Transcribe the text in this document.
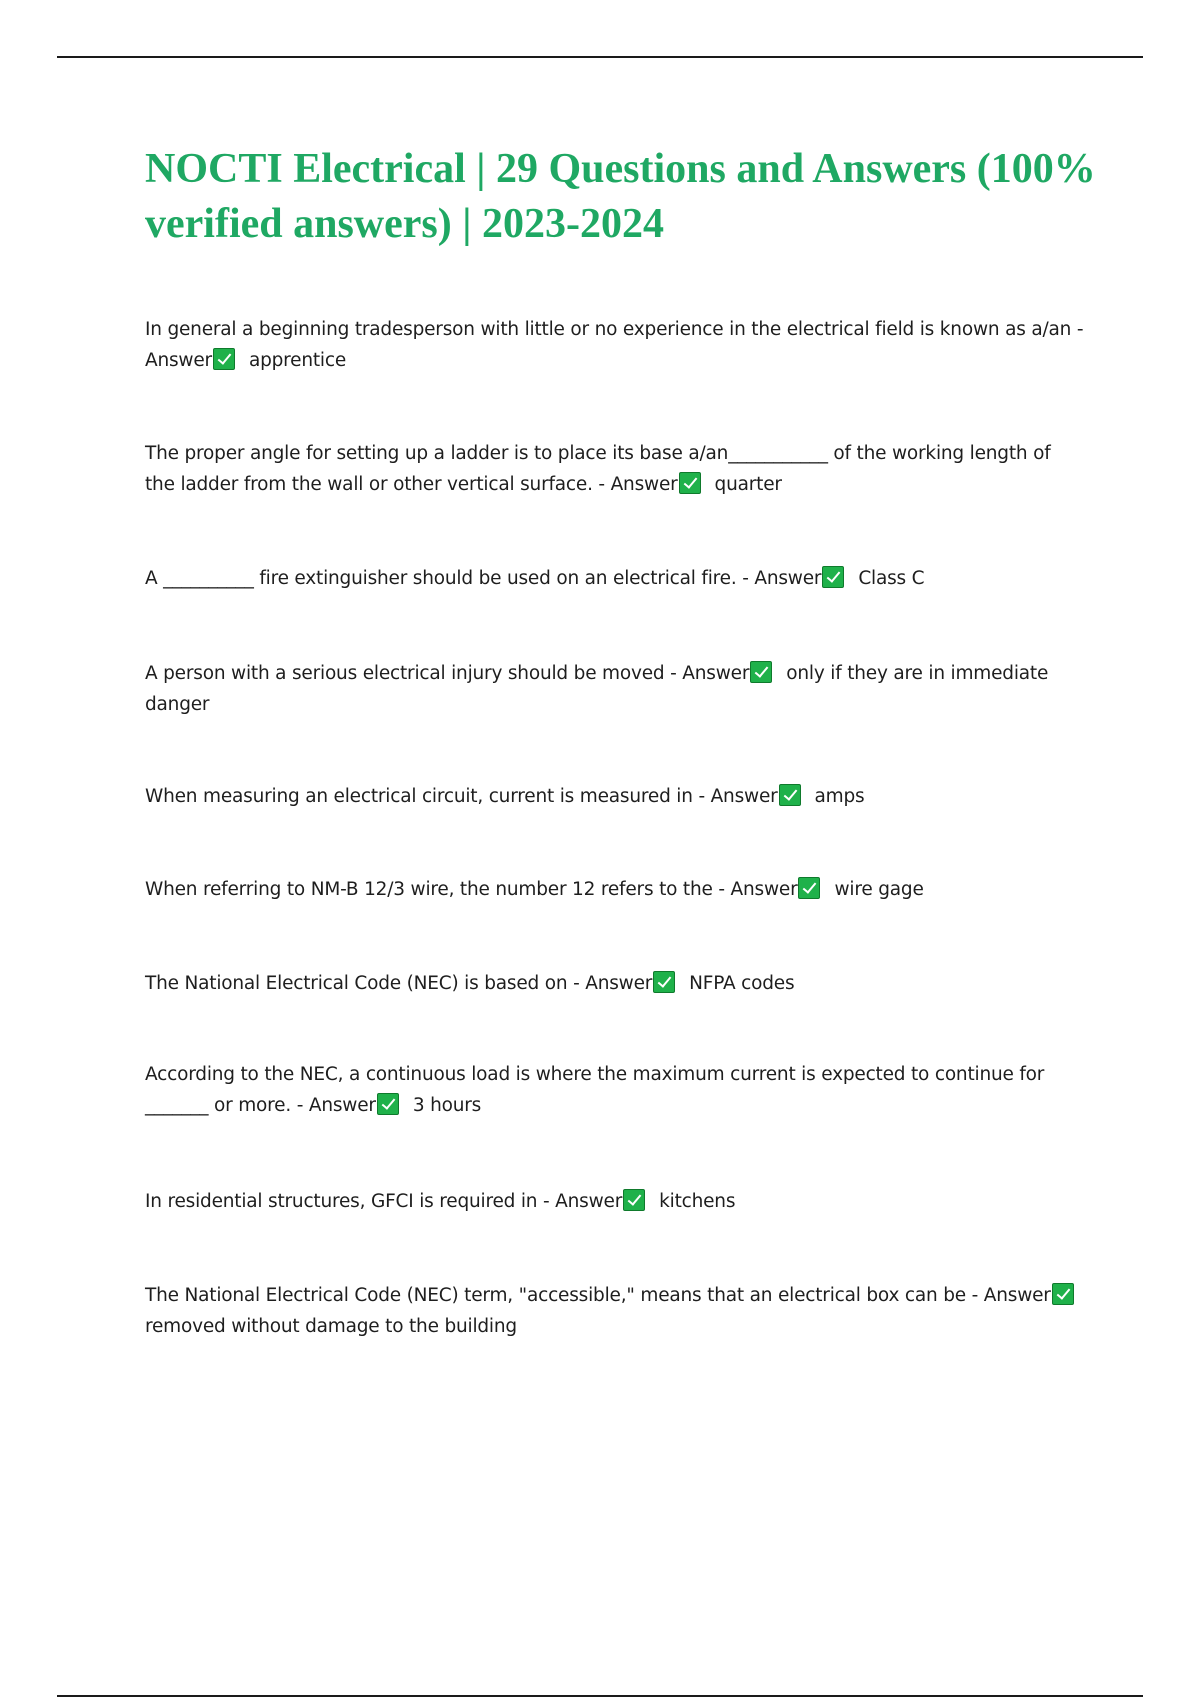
NOCTI Electrical | 29 Questions and Answers (100% verified answers) | 2023-2024

In general a beginning tradesperson with little or no experience in the electrical field is known as a/an - Answer apprentice

The proper angle for setting up a ladder is to place its base a/an___________ of the working length of the ladder from the wall or other vertical surface. - Answer quarter

A __________ fire extinguisher should be used on an electrical fire. - Answer Class C

A person with a serious electrical injury should be moved - Answer only if they are in immediate danger

When measuring an electrical circuit, current is measured in - Answer amps

When referring to NM-B 12/3 wire, the number 12 refers to the - Answer wire gage

The National Electrical Code (NEC) is based on - Answer NFPA codes

According to the NEC, a continuous load is where the maximum current is expected to continue for _______ or more. - Answer 3 hours

In residential structures, GFCI is required in - Answer kitchens

The National Electrical Code (NEC) term, "accessible," means that an electrical box can be - Answer
removed without damage to the building
